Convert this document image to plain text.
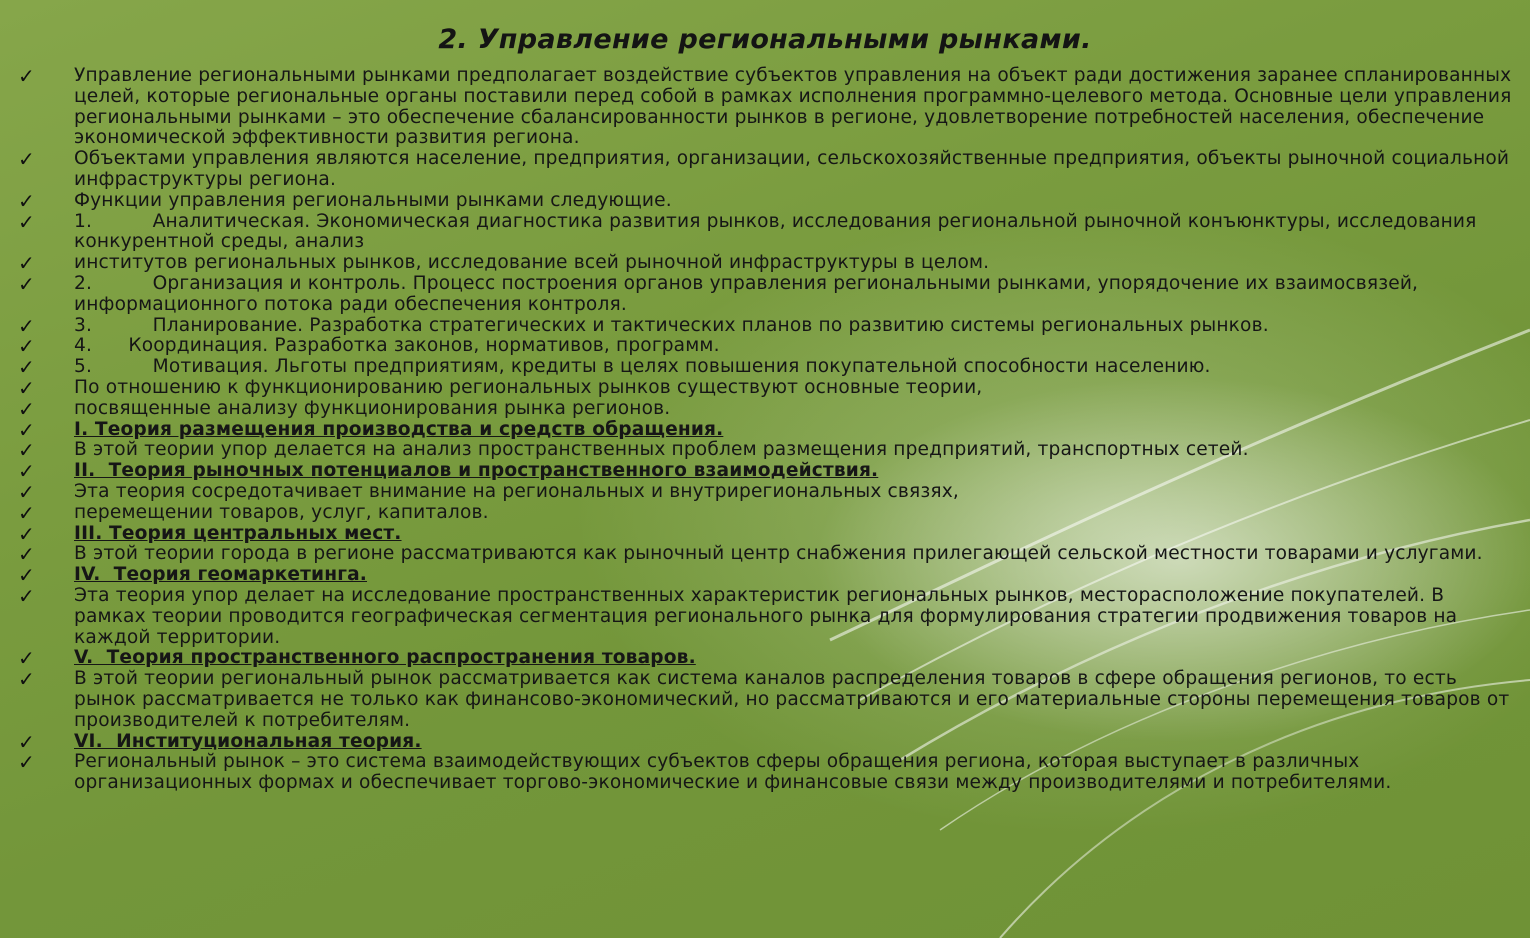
2. Управление региональными рынками.
✓ Управление региональными рынками предполагает воздействие субъектов управления на объект ради достижения заранее спланированных целей, которые региональные органы поставили перед собой в рамках исполнения программно-целевого метода. Основные цели управления региональными рынками – это обеспечение сбалансированности рынков в регионе, удовлетворение потребностей населения, обеспечение экономической эффективности развития региона.
✓ Объектами управления являются население, предприятия, организации, сельскохозяйственные предприятия, объекты рыночной социальной инфраструктуры региона.
✓ Функции управления региональными рынками следующие.
✓ 1.          Аналитическая. Экономическая диагностика развития рынков, исследования региональной рыночной конъюнктуры, исследования конкурентной среды, анализ
✓ институтов региональных рынков, исследование всей рыночной инфраструктуры в целом.
✓ 2.          Организация и контроль. Процесс построения органов управления региональными рынками, упорядочение их взаимосвязей, информационного потока ради обеспечения контроля.
✓ 3.          Планирование. Разработка стратегических и тактических планов по развитию системы региональных рынков.
✓ 4.      Координация. Разработка законов, нормативов, программ.
✓ 5.          Мотивация. Льготы предприятиям, кредиты в целях повышения покупательной способности населению.
✓ По отношению к функционированию региональных рынков существуют основные теории,
✓ посвященные анализу функционирования рынка регионов.
✓ I. Теория размещения производства и средств обращения.
✓ В этой теории упор делается на анализ пространственных проблем размещения предприятий, транспортных сетей.
✓ II.  Теория рыночных потенциалов и пространственного взаимодействия.
✓ Эта теория сосредотачивает внимание на региональных и внутрирегиональных связях,
✓ перемещении товаров, услуг, капиталов.
✓ III. Теория центральных мест.
✓ В этой теории города в регионе рассматриваются как рыночный центр снабжения прилегающей сельской местности товарами и услугами.
✓ IV.  Теория геомаркетинга.
✓ Эта теория упор делает на исследование пространственных характеристик региональных рынков, месторасположение покупателей. В рамках теории проводится географическая сегментация регионального рынка для формулирования стратегии продвижения товаров на каждой территории.
✓ V.  Теория пространственного распространения товаров.
✓ В этой теории региональный рынок рассматривается как система каналов распределения товаров в сфере обращения регионов, то есть рынок рассматривается не только как финансово-экономический, но рассматриваются и его материальные стороны перемещения товаров от производителей к потребителям.
✓ VI.  Институциональная теория.
✓ Региональный рынок – это система взаимодействующих субъектов сферы обращения региона, которая выступает в различных организационных формах и обеспечивает торгово-экономические и финансовые связи между производителями и потребителями.
